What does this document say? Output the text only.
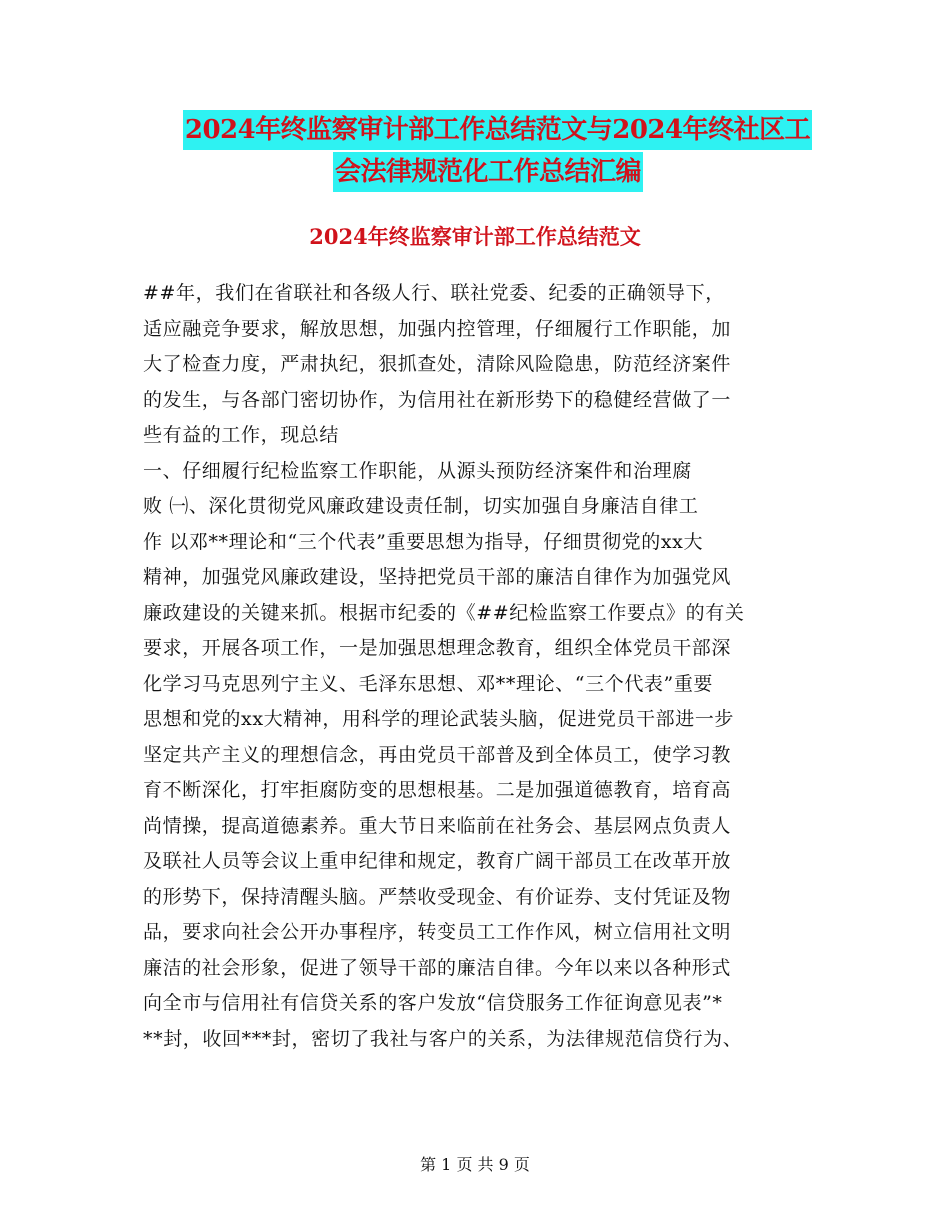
2024年终监察审计部工作总结范文与2024年终社区工
会法律规范化工作总结汇编
2024年终监察审计部工作总结范文
##年，我们在省联社和各级人行、联社党委、纪委的正确领导下，
适应融竞争要求，解放思想，加强内控管理，仔细履行工作职能，加
大了检查力度，严肃执纪，狠抓查处，清除风险隐患，防范经济案件
的发生，与各部门密切协作，为信用社在新形势下的稳健经营做了一
些有益的工作，现总结
一、仔细履行纪检监察工作职能，从源头预防经济案件和治理腐
败 ㈠、深化贯彻党风廉政建设责任制，切实加强自身廉洁自律工
作 以邓**理论和“三个代表”重要思想为指导，仔细贯彻党的xx大
精神，加强党风廉政建设，坚持把党员干部的廉洁自律作为加强党风
廉政建设的关键来抓。根据市纪委的《##纪检监察工作要点》的有关
要求，开展各项工作，一是加强思想理念教育，组织全体党员干部深
化学习马克思列宁主义、毛泽东思想、邓**理论、“三个代表”重要
思想和党的xx大精神，用科学的理论武装头脑，促进党员干部进一步
坚定共产主义的理想信念，再由党员干部普及到全体员工，使学习教
育不断深化，打牢拒腐防变的思想根基。二是加强道德教育，培育高
尚情操，提高道德素养。重大节日来临前在社务会、基层网点负责人
及联社人员等会议上重申纪律和规定，教育广阔干部员工在改革开放
的形势下，保持清醒头脑。严禁收受现金、有价证券、支付凭证及物
品，要求向社会公开办事程序，转变员工工作作风，树立信用社文明
廉洁的社会形象，促进了领导干部的廉洁自律。今年以来以各种形式
向全市与信用社有信贷关系的客户发放“信贷服务工作征询意见表”*
**封，收回***封，密切了我社与客户的关系，为法律规范信贷行为、
第 1 页 共 9 页
